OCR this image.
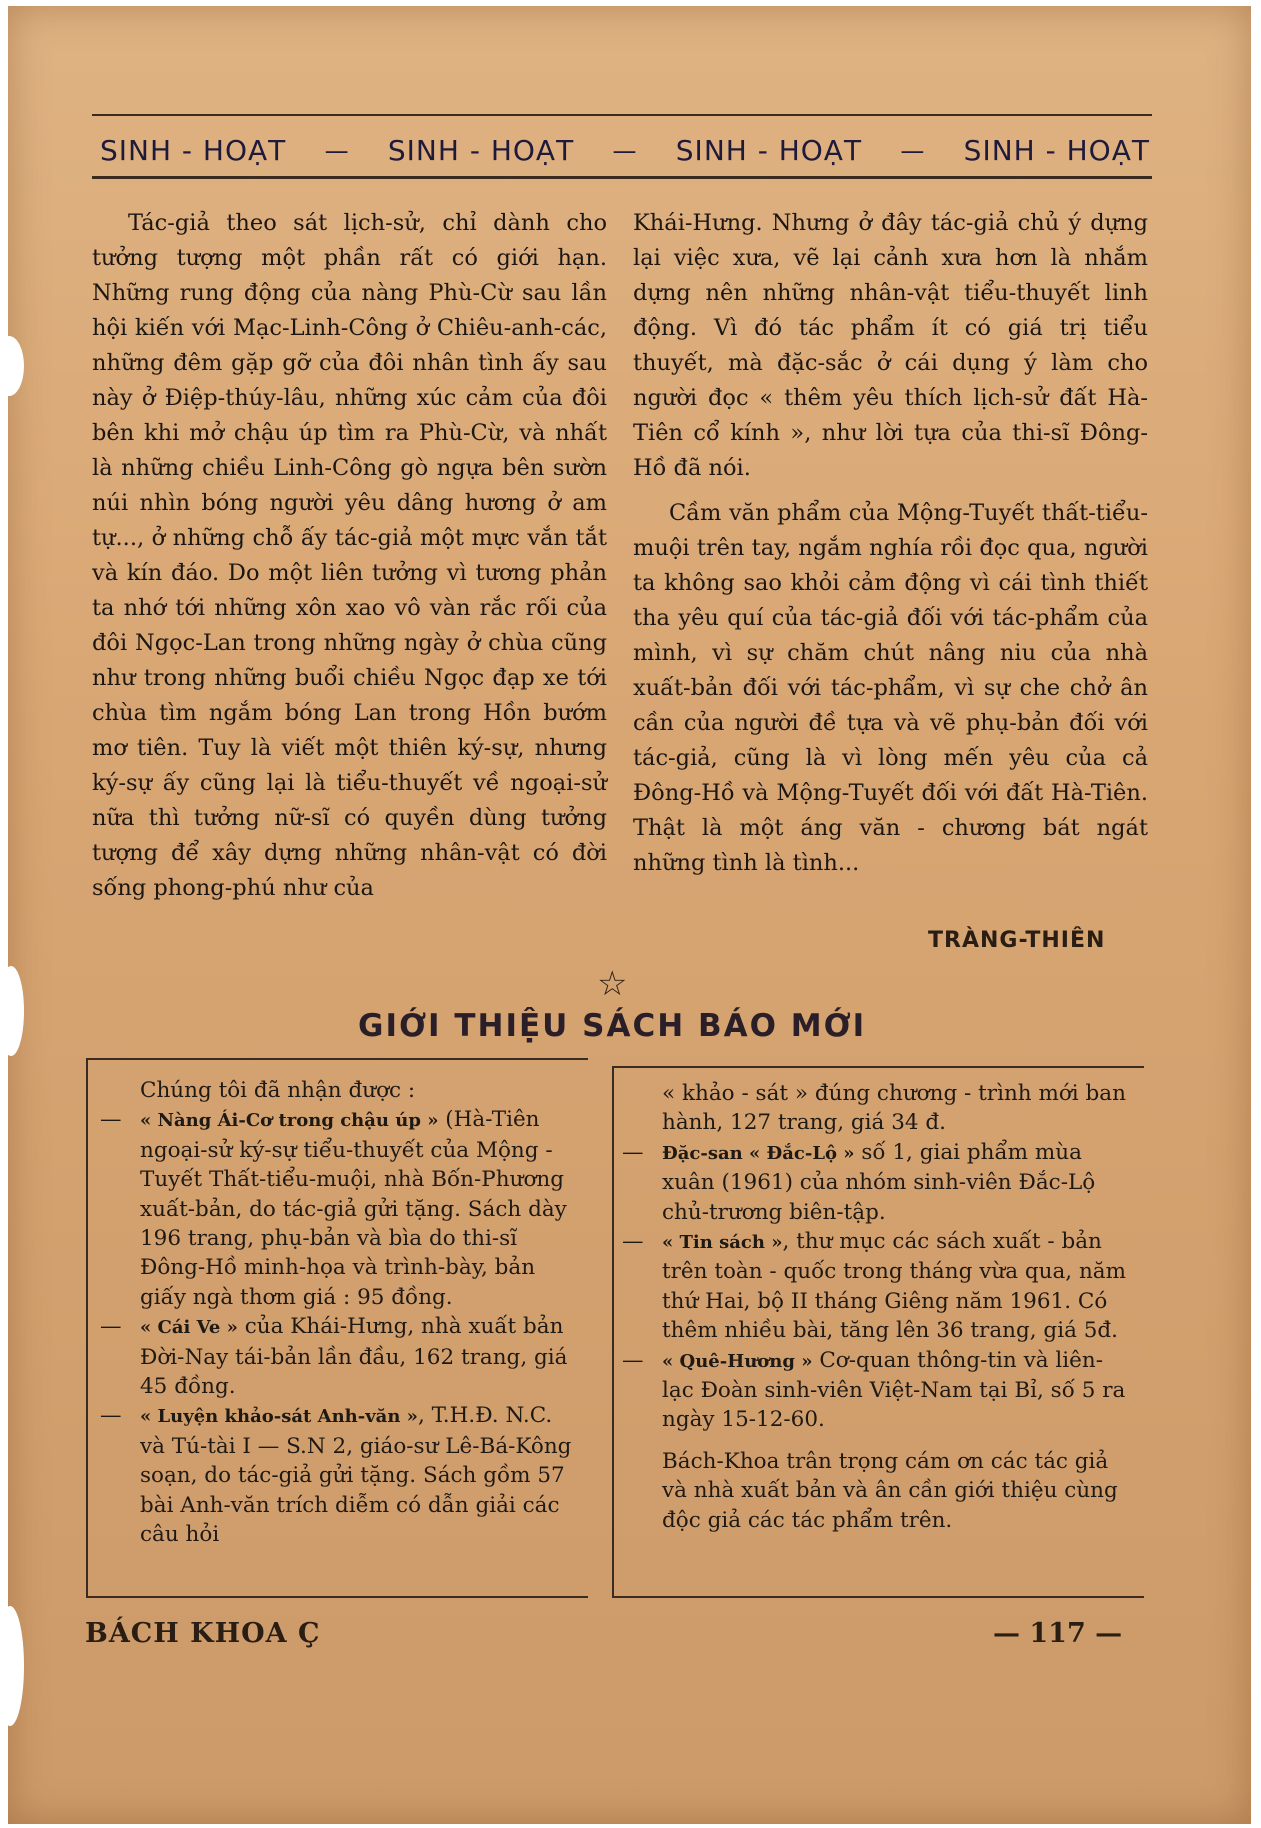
SINH - HOẠT — SINH - HOẠT — SINH - HOẠT — SINH - HOẠT

Tác-giả theo sát lịch-sử, chỉ dành cho tưởng tượng một phần rất có giới hạn. Những rung động của nàng Phù-Cừ sau lần hội kiến với Mạc-Linh-Công ở Chiêu-anh-các, những đêm gặp gỡ của đôi nhân tình ấy sau này ở Điệp-thúy-lâu, những xúc cảm của đôi bên khi mở chậu úp tìm ra Phù-Cừ, và nhất là những chiều Linh-Công gò ngựa bên sườn núi nhìn bóng người yêu dâng hương ở am tự..., ở những chỗ ấy tác-giả một mực vắn tắt và kín đáo. Do một liên tưởng vì tương phản ta nhớ tới những xôn xao vô vàn rắc rối của đôi Ngọc-Lan trong những ngày ở chùa cũng như trong những buổi chiều Ngọc đạp xe tới chùa tìm ngắm bóng Lan trong Hồn bướm mơ tiên. Tuy là viết một thiên ký-sự, nhưng ký-sự ấy cũng lại là tiểu-thuyết về ngoại-sử nữa thì tưởng nữ-sĩ có quyền dùng tưởng tượng để xây dựng những nhân-vật có đời sống phong-phú như của

Khái-Hưng. Nhưng ở đây tác-giả chủ ý dựng lại việc xưa, vẽ lại cảnh xưa hơn là nhắm dựng nên những nhân-vật tiểu-thuyết linh động. Vì đó tác phẩm ít có giá trị tiểu thuyết, mà đặc-sắc ở cái dụng ý làm cho người đọc « thêm yêu thích lịch-sử đất Hà-Tiên cổ kính », như lời tựa của thi-sĩ Đông-Hồ đã nói.

Cầm văn phẩm của Mộng-Tuyết thất-tiểu-muội trên tay, ngắm nghía rồi đọc qua, người ta không sao khỏi cảm động vì cái tình thiết tha yêu quí của tác-giả đối với tác-phẩm của mình, vì sự chăm chút nâng niu của nhà xuất-bản đối với tác-phẩm, vì sự che chở ân cần của người đề tựa và vẽ phụ-bản đối với tác-giả, cũng là vì lòng mến yêu của cả Đông-Hồ và Mộng-Tuyết đối với đất Hà-Tiên. Thật là một áng văn - chương bát ngát những tình là tình...

TRÀNG-THIÊN
☆
GIỚI THIỆU SÁCH BÁO MỚI
Chúng tôi đã nhận được :
— « Nàng Ái-Cơ trong chậu úp » (Hà-Tiên ngoại-sử ký-sự tiểu-thuyết của Mộng - Tuyết Thất-tiểu-muội, nhà Bốn-Phương xuất-bản, do tác-giả gửi tặng. Sách dày 196 trang, phụ-bản và bìa do thi-sĩ Đông-Hồ minh-họa và trình-bày, bản giấy ngà thơm giá : 95 đồng.
— « Cái Ve » của Khái-Hưng, nhà xuất bản Đời-Nay tái-bản lần đầu, 162 trang, giá 45 đồng.
— « Luyện khảo-sát Anh-văn », T.H.Đ. N.C. và Tú-tài I — S.N 2, giáo-sư Lê-Bá-Kông soạn, do tác-giả gửi tặng. Sách gồm 57 bài Anh-văn trích diễm có dẫn giải các câu hỏi
« khảo - sát » đúng chương - trình mới ban hành, 127 trang, giá 34 đ.
— Đặc-san « Đắc-Lộ » số 1, giai phẩm mùa xuân (1961) của nhóm sinh-viên Đắc-Lộ chủ-trương biên-tập.
— « Tin sách », thư mục các sách xuất - bản trên toàn - quốc trong tháng vừa qua, năm thứ Hai, bộ II tháng Giêng năm 1961. Có thêm nhiều bài, tăng lên 36 trang, giá 5đ.
— « Quê-Hương » Cơ-quan thông-tin và liên-lạc Đoàn sinh-viên Việt-Nam tại Bỉ, số 5 ra ngày 15-12-60.
Bách-Khoa trân trọng cám ơn các tác giả và nhà xuất bản và ân cần giới thiệu cùng độc giả các tác phẩm trên.
BÁCH KHOA Ç	— 117 —
